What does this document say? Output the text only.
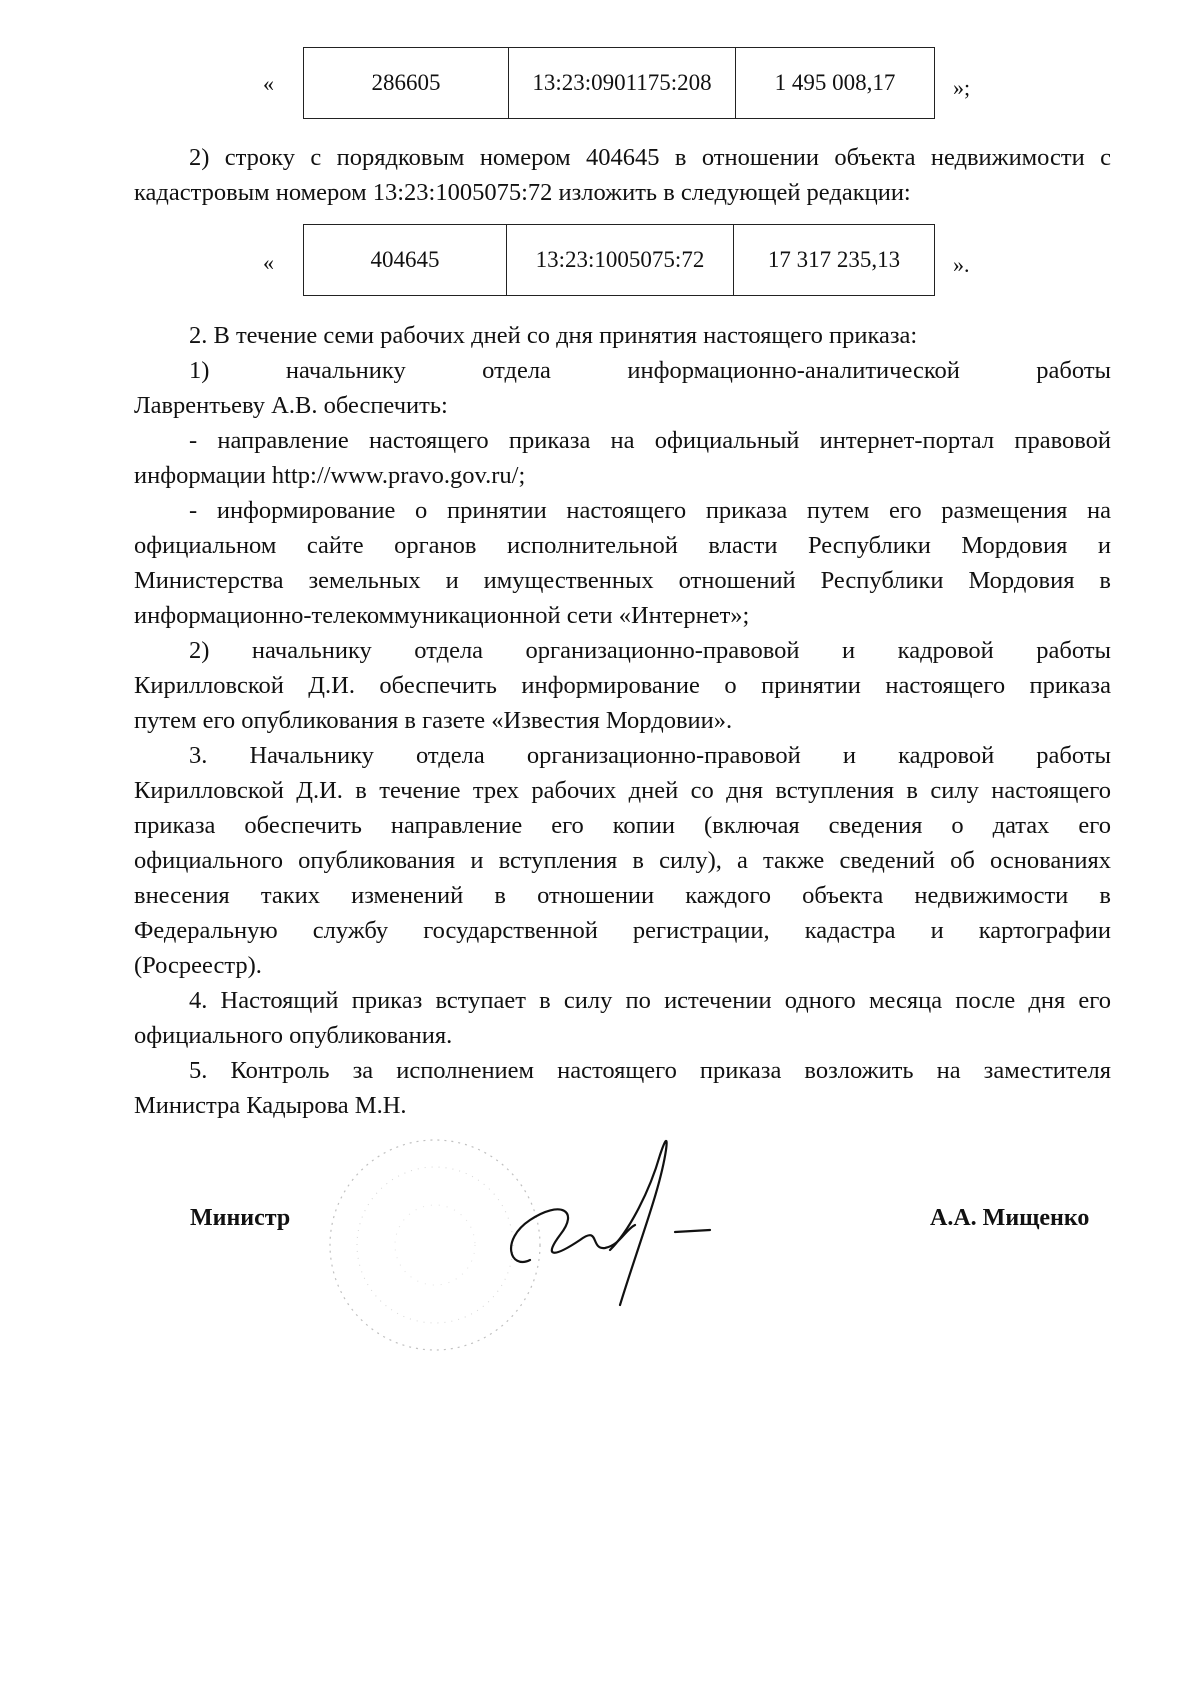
«	286605	13:23:0901175:208	1 495 008,17	»;
2) строку с порядковым номером 404645 в отношении объекта недвижимости с
кадастровым номером 13:23:1005075:72 изложить в следующей редакции:
«	404645	13:23:1005075:72	17 317 235,13 ».
2. В течение семи рабочих дней со дня принятия настоящего приказа:
1) начальнику отдела информационно-аналитической работы
Лаврентьеву А.В. обеспечить:
- направление настоящего приказа на официальный интернет-портал правовой
информации http://www.pravo.gov.ru/;
- информирование о принятии настоящего приказа путем его размещения на
официальном сайте органов исполнительной власти Республики Мордовия и
Министерства земельных и имущественных отношений Республики Мордовия в
информационно-телекоммуникационной сети «Интернет»;
2) начальнику отдела организационно-правовой и кадровой работы
Кирилловской Д.И. обеспечить информирование о принятии настоящего приказа
путем его опубликования в газете «Известия Мордовии».
3. Начальнику отдела организационно-правовой и кадровой работы
Кирилловской Д.И. в течение трех рабочих дней со дня вступления в силу настоящего
приказа обеспечить направление его копии (включая сведения о датах его
официального опубликования и вступления в силу), а также сведений об основаниях
внесения таких изменений в отношении каждого объекта недвижимости в
Федеральную службу государственной регистрации, кадастра и картографии
(Росреестр).
4. Настоящий приказ вступает в силу по истечении одного месяца после дня его
официального опубликования.
5. Контроль за исполнением настоящего приказа возложить на заместителя
Министра Кадырова М.Н.
Министр	А.А. Мищенко
